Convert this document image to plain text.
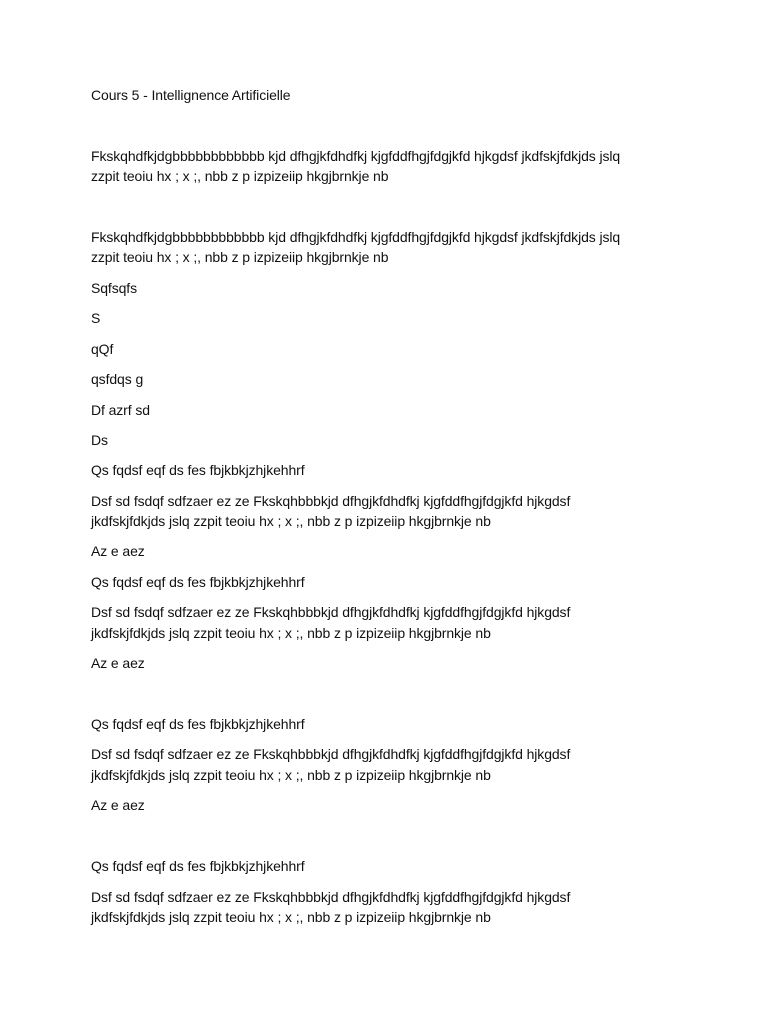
Cours 5 - Intellignence Artificielle
Fkskqhdfkjdgbbbbbbbbbbbb kjd dfhgjkfdhdfkj kjgfddfhgjfdgjkfd hjkgdsf jkdfskjfdkjds jslq
zzpit teoiu hx ; x ;, nbb z p izpizeiip hkgjbrnkje nb
Fkskqhdfkjdgbbbbbbbbbbbb kjd dfhgjkfdhdfkj kjgfddfhgjfdgjkfd hjkgdsf jkdfskjfdkjds jslq
zzpit teoiu hx ; x ;, nbb z p izpizeiip hkgjbrnkje nb
Sqfsqfs
S
qQf
qsfdqs g
Df azrf sd
Ds
Qs fqdsf eqf ds fes fbjkbkjzhjkehhrf
Dsf sd fsdqf sdfzaer ez ze Fkskqhbbbkjd dfhgjkfdhdfkj kjgfddfhgjfdgjkfd hjkgdsf
jkdfskjfdkjds jslq zzpit teoiu hx ; x ;, nbb z p izpizeiip hkgjbrnkje nb
Az e aez
Qs fqdsf eqf ds fes fbjkbkjzhjkehhrf
Dsf sd fsdqf sdfzaer ez ze Fkskqhbbbkjd dfhgjkfdhdfkj kjgfddfhgjfdgjkfd hjkgdsf
jkdfskjfdkjds jslq zzpit teoiu hx ; x ;, nbb z p izpizeiip hkgjbrnkje nb
Az e aez
Qs fqdsf eqf ds fes fbjkbkjzhjkehhrf
Dsf sd fsdqf sdfzaer ez ze Fkskqhbbbkjd dfhgjkfdhdfkj kjgfddfhgjfdgjkfd hjkgdsf
jkdfskjfdkjds jslq zzpit teoiu hx ; x ;, nbb z p izpizeiip hkgjbrnkje nb
Az e aez
Qs fqdsf eqf ds fes fbjkbkjzhjkehhrf
Dsf sd fsdqf sdfzaer ez ze Fkskqhbbbkjd dfhgjkfdhdfkj kjgfddfhgjfdgjkfd hjkgdsf
jkdfskjfdkjds jslq zzpit teoiu hx ; x ;, nbb z p izpizeiip hkgjbrnkje nb
